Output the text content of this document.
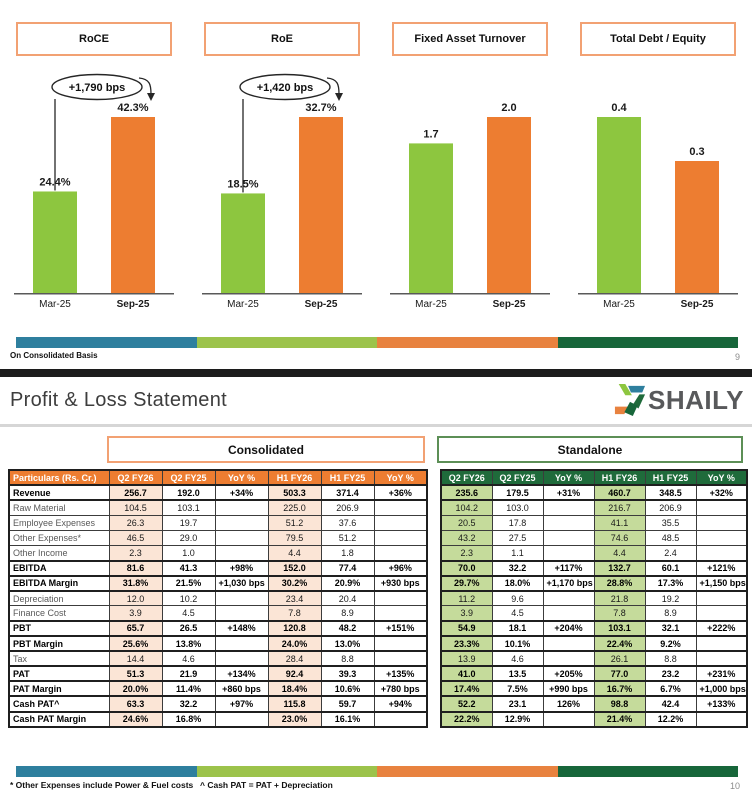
RoCE	RoE	Fixed Asset Turnover	Total Debt / Equity
24.4%
42.3%
Mar-25	Sep-25
+1,790 bps
18.5%
32.7%
Mar-25	Sep-25
+1,420 bps
1.7
2.0
Mar-25	Sep-25
0.4
0.3
Mar-25	Sep-25
On Consolidated Basis	9
Profit & Loss Statement	SHAILY
Consolidated	Standalone
Particulars (Rs. Cr.)	Q2 FY26	Q2 FY25	YoY %	H1 FY26	H1 FY25	YoY %
Revenue	256.7	192.0	+34%	503.3	371.4	+36%
Raw Material	104.5	103.1		225.0	206.9	
Employee Expenses	26.3	19.7		51.2	37.6	
Other Expenses*	46.5	29.0		79.5	51.2	
Other Income	2.3	1.0		4.4	1.8	
EBITDA	81.6	41.3	+98%	152.0	77.4	+96%
EBITDA Margin	31.8%	21.5%	+1,030 bps	30.2%	20.9%	+930 bps
Depreciation	12.0	10.2		23.4	20.4	
Finance Cost	3.9	4.5		7.8	8.9	
PBT	65.7	26.5	+148%	120.8	48.2	+151%
PBT Margin	25.6%	13.8%		24.0%	13.0%	
Tax	14.4	4.6		28.4	8.8	
PAT	51.3	21.9	+134%	92.4	39.3	+135%
PAT Margin	20.0%	11.4%	+860 bps	18.4%	10.6%	+780 bps
Cash PAT^	63.3	32.2	+97%	115.8	59.7	+94%
Cash PAT Margin	24.6%	16.8%		23.0%	16.1%	
Q2 FY26	Q2 FY25	YoY %	H1 FY26	H1 FY25	YoY %
235.6	179.5	+31%	460.7	348.5	+32%
104.2	103.0		216.7	206.9	
20.5	17.8		41.1	35.5	
43.2	27.5		74.6	48.5	
2.3	1.1		4.4	2.4	
70.0	32.2	+117%	132.7	60.1	+121%
29.7%	18.0%	+1,170 bps	28.8%	17.3%	+1,150 bps
11.2	9.6		21.8	19.2	
3.9	4.5		7.8	8.9	
54.9	18.1	+204%	103.1	32.1	+222%
23.3%	10.1%		22.4%	9.2%	
13.9	4.6		26.1	8.8	
41.0	13.5	+205%	77.0	23.2	+231%
17.4%	7.5%	+990 bps	16.7%	6.7%	+1,000 bps
52.2	23.1	126%	98.8	42.4	+133%
22.2%	12.9%		21.4%	12.2%	
* Other Expenses include Power & Fuel costs ^ Cash PAT = PAT + Depreciation	10
